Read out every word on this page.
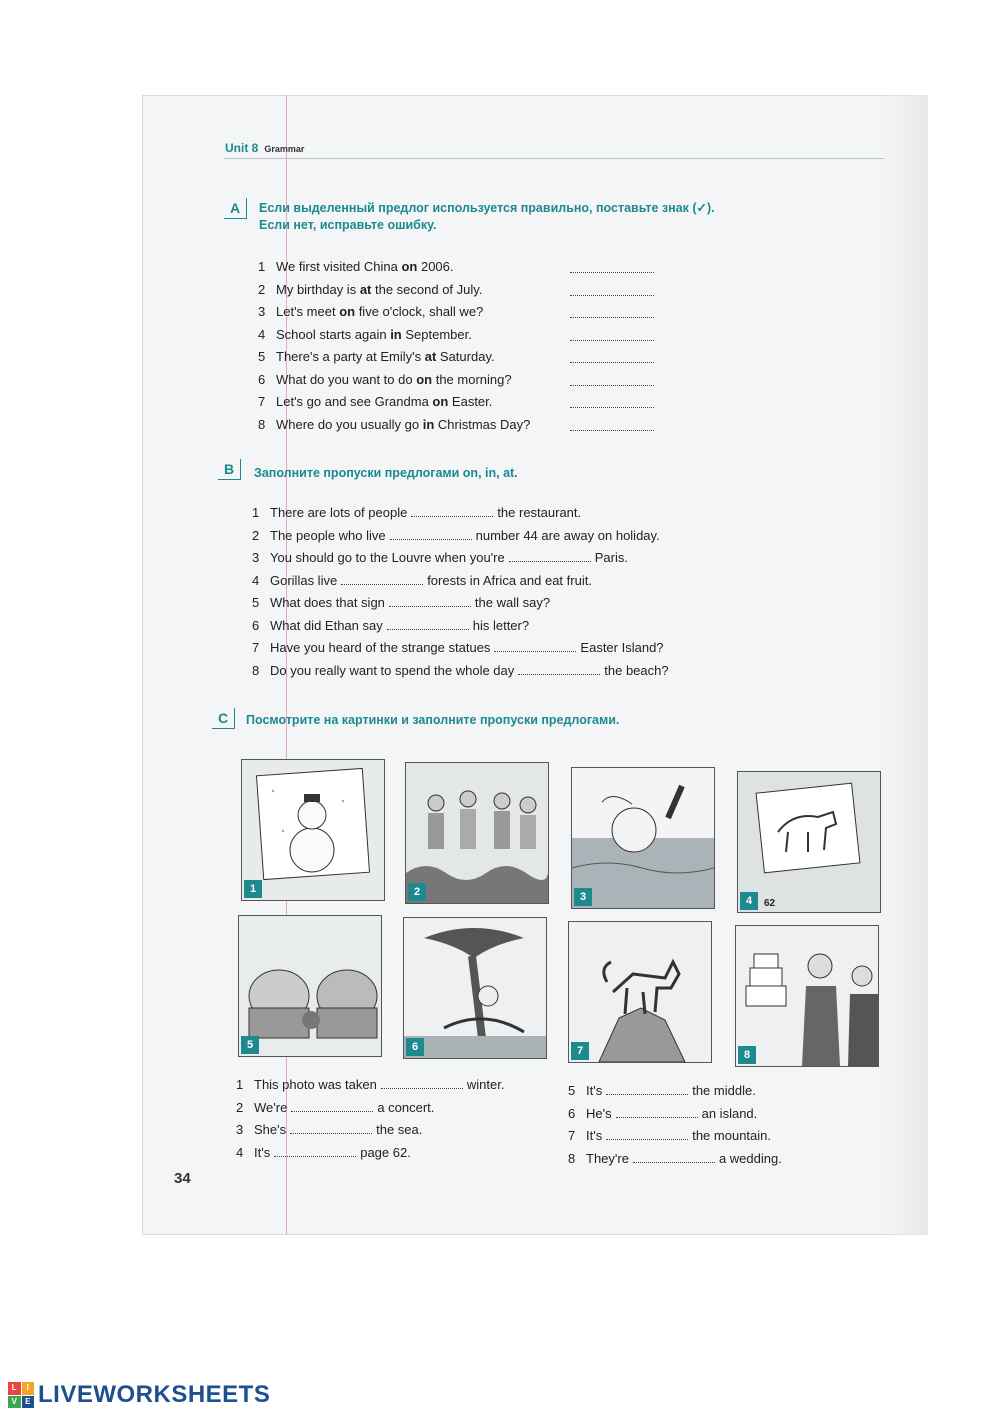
Unit 8 Grammar
A	Если выделенный предлог используется правильно, поставьте знак (✓).
Если нет, исправьте ошибку.
1 We first visited China on 2006.
2 My birthday is at the second of July.
3 Let's meet on five o'clock, shall we?
4 School starts again in September.
5 There's a party at Emily's at Saturday.
6 What do you want to do on the morning?
7 Let's go and see Grandma on Easter.
8 Where do you usually go in Christmas Day?
B	Заполните пропуски предлогами on, in, at.
1 There are lots of people	the restaurant.
2 The people who live	number 44 are away on holiday.
3 You should go to the Louvre when you're	Paris.
4 Gorillas live	forests in Africa and eat fruit.
5 What does that sign	the wall say?
6 What did Ethan say	his letter?
7 Have you heard of the strange statues	Easter Island?
8 Do you really want to spend the whole day	the beach?
C	Посмотрите на картинки и заполните пропуски предлогами.
1	2	3	4	62
5	6	7	8
1 This photo was taken	winter.
2 We're	a concert.
3 She's	the sea.
4 It's	page 62.
5 It's	the middle.
6 He's	an island.
7 It's	the mountain.
8 They're	a wedding.
34
L	I
V	E LIVEWORKSHEETS
